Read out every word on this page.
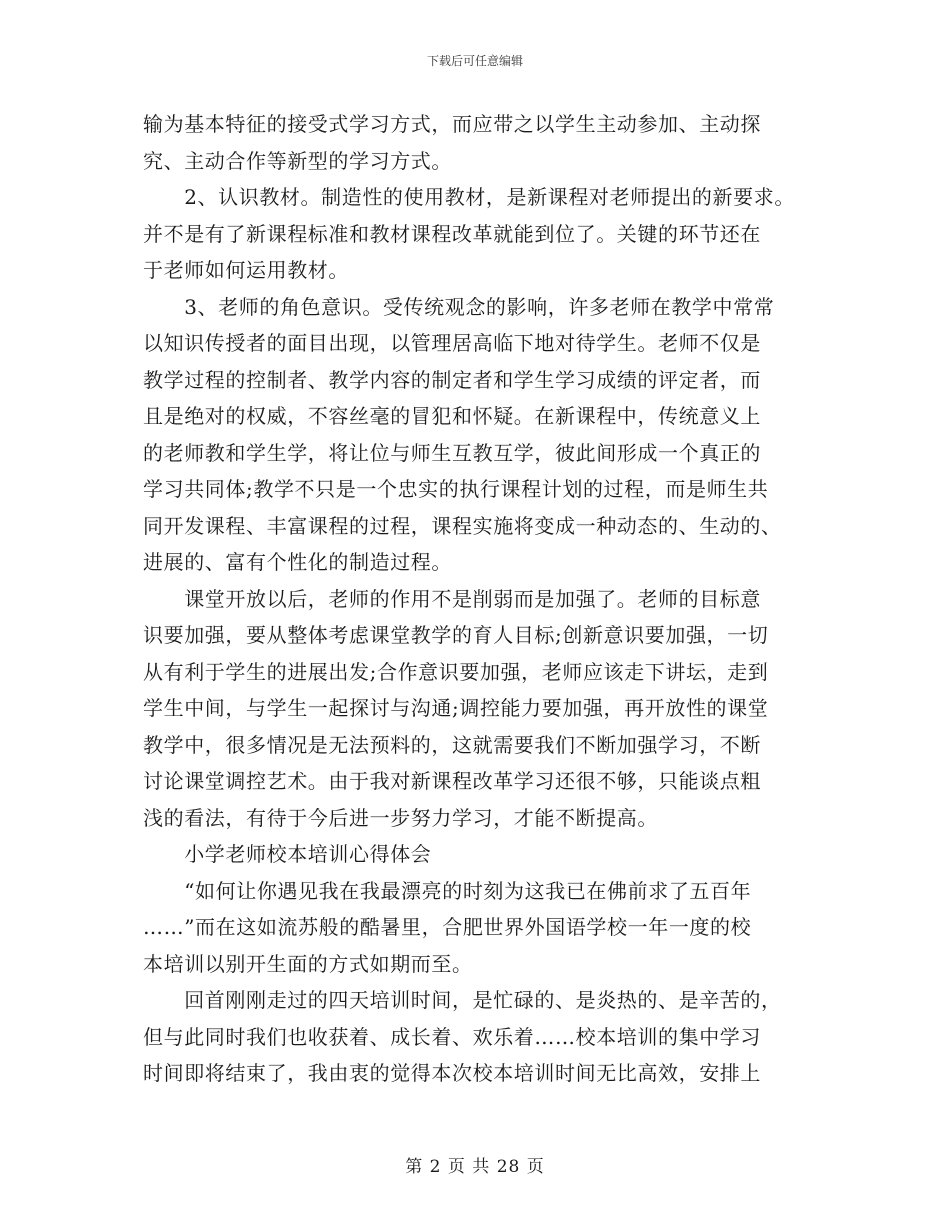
下载后可任意编辑
输为基本特征的接受式学习方式，而应带之以学生主动参加、主动探
究、主动合作等新型的学习方式。
　　2、认识教材。制造性的使用教材，是新课程对老师提出的新要求。
并不是有了新课程标准和教材课程改革就能到位了。关键的环节还在
于老师如何运用教材。
　　3、老师的角色意识。受传统观念的影响，许多老师在教学中常常
以知识传授者的面目出现，以管理居高临下地对待学生。老师不仅是
教学过程的控制者、教学内容的制定者和学生学习成绩的评定者，而
且是绝对的权威，不容丝毫的冒犯和怀疑。在新课程中，传统意义上
的老师教和学生学，将让位与师生互教互学，彼此间形成一个真正的
学习共同体;教学不只是一个忠实的执行课程计划的过程，而是师生共
同开发课程、丰富课程的过程，课程实施将变成一种动态的、生动的、
进展的、富有个性化的制造过程。
　　课堂开放以后，老师的作用不是削弱而是加强了。老师的目标意
识要加强，要从整体考虑课堂教学的育人目标;创新意识要加强，一切
从有利于学生的进展出发;合作意识要加强，老师应该走下讲坛，走到
学生中间，与学生一起探讨与沟通;调控能力要加强，再开放性的课堂
教学中，很多情况是无法预料的，这就需要我们不断加强学习，不断
讨论课堂调控艺术。由于我对新课程改革学习还很不够，只能谈点粗
浅的看法，有待于今后进一步努力学习，才能不断提高。
　　小学老师校本培训心得体会
　　“如何让你遇见我在我最漂亮的时刻为这我已在佛前求了五百年
……”而在这如流苏般的酷暑里，合肥世界外国语学校一年一度的校
本培训以别开生面的方式如期而至。
　　回首刚刚走过的四天培训时间，是忙碌的、是炎热的、是辛苦的，
但与此同时我们也收获着、成长着、欢乐着……校本培训的集中学习
时间即将结束了，我由衷的觉得本次校本培训时间无比高效，安排上
第 2 页 共 28 页
